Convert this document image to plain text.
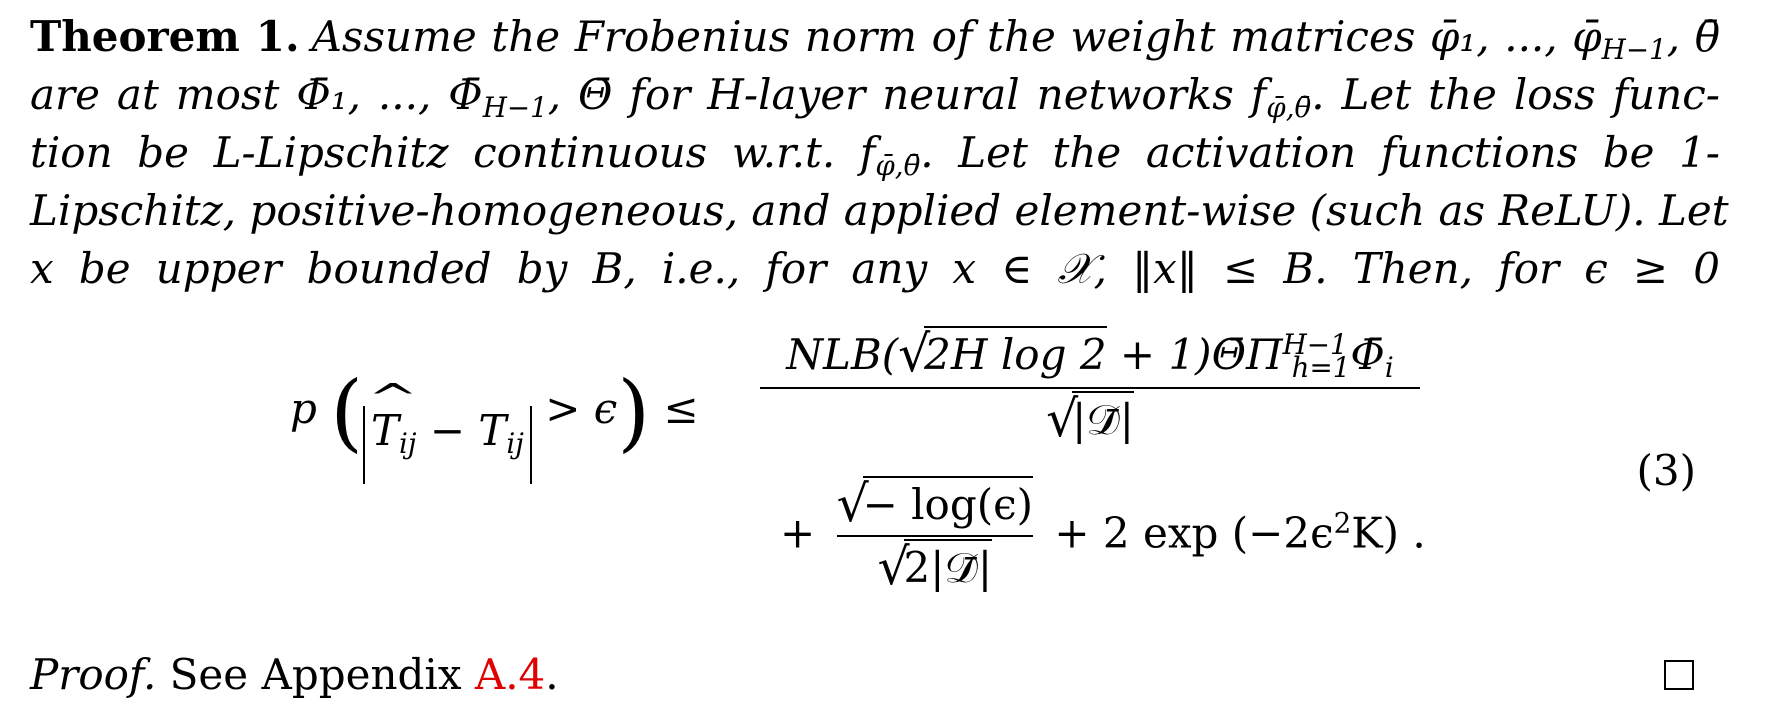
Theorem 1. Assume the Frobenius norm of the weight matrices φ̄₁, ..., $\varphī_{H-1}$, θ̄
are at most Φ̄₁, ..., $\Phī_{H-1}$, Θ̄ for H-layer neural networks $f_{\varphī,\thetā}$. Let the loss func-
tion be L-Lipschitz continuous w.r.t. $f_{\varphī,\thetā}$. Let the activation functions be 1-
Lipschitz, positive-homogeneous, and applied element-wise (such as ReLU). Let
x be upper bounded by B, i.e., for any x ∈ 𝒳, ‖x‖ ≤ B. Then, for ϵ ≥ 0
p ( ^ $T_{ij} - T_{ij} > \epsilon$) ≤
NLB( √ 2H $\log 2 + 1)\Thetā\Pi^{H-1}_{h=1}\Phī_i$
√ |𝒟̄|
+ √ − log(ϵ)
√ 2|𝒟̄| + 2 $\exp (-2\epsilon^2K)$ .
(3)
Proof. See Appendix A.4.
